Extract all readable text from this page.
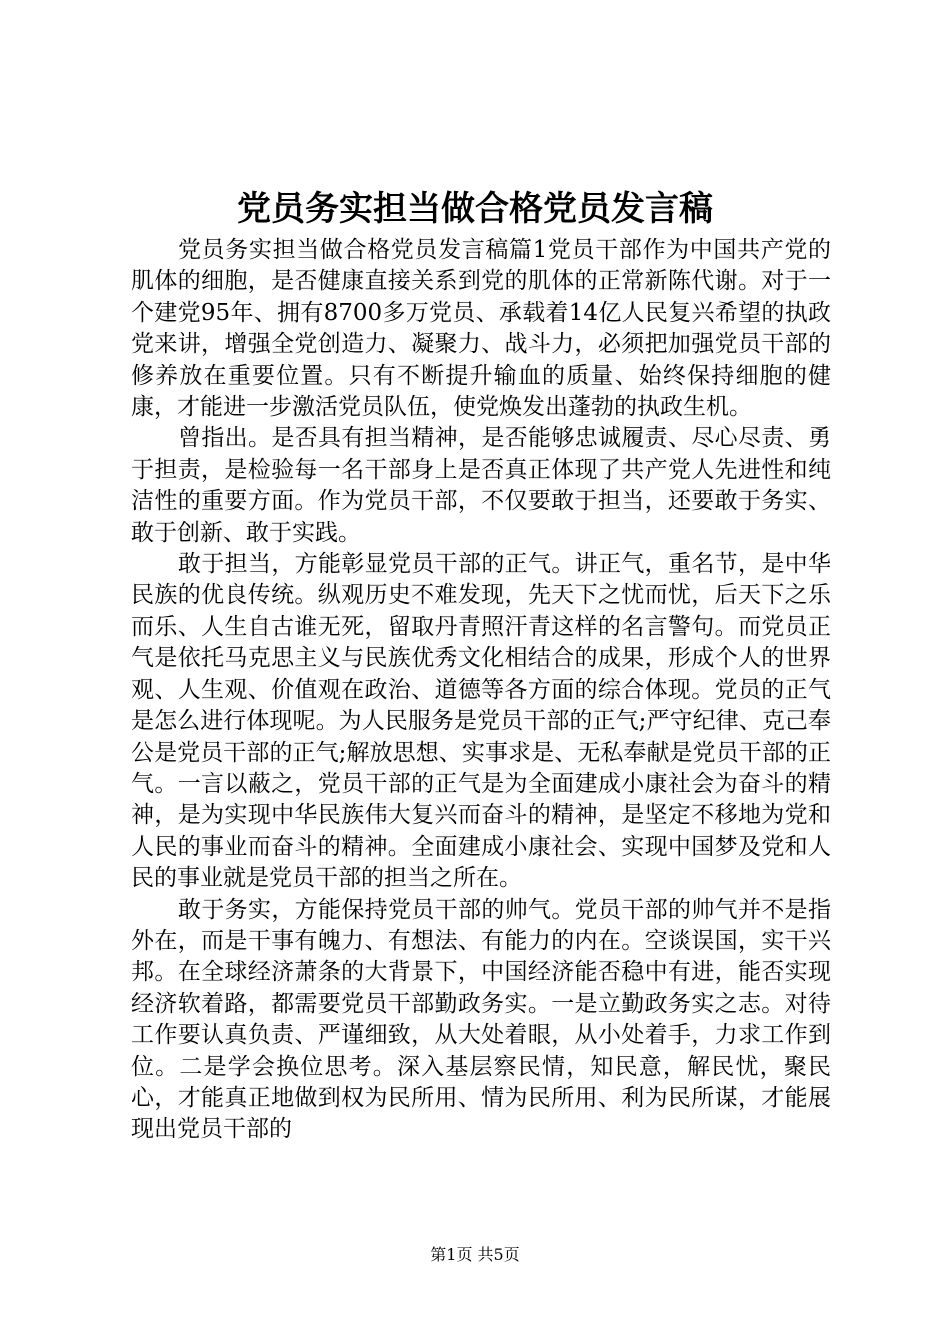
党员务实担当做合格党员发言稿

党员务实担当做合格党员发言稿篇1党员干部作为中国共产党的肌体的细胞，是否健康直接关系到党的肌体的正常新陈代谢。对于一个建党95年、拥有8700多万党员、承载着14亿人民复兴希望的执政党来讲，增强全党创造力、凝聚力、战斗力，必须把加强党员干部的修养放在重要位置。只有不断提升输血的质量、始终保持细胞的健康，才能进一步激活党员队伍，使党焕发出蓬勃的执政生机。

曾指出。是否具有担当精神，是否能够忠诚履责、尽心尽责、勇于担责，是检验每一名干部身上是否真正体现了共产党人先进性和纯洁性的重要方面。作为党员干部，不仅要敢于担当，还要敢于务实、敢于创新、敢于实践。

敢于担当，方能彰显党员干部的正气。讲正气，重名节，是中华民族的优良传统。纵观历史不难发现，先天下之忧而忧，后天下之乐而乐、人生自古谁无死，留取丹青照汗青这样的名言警句。而党员正气是依托马克思主义与民族优秀文化相结合的成果，形成个人的世界观、人生观、价值观在政治、道德等各方面的综合体现。党员的正气是怎么进行体现呢。为人民服务是党员干部的正气;严守纪律、克己奉公是党员干部的正气;解放思想、实事求是、无私奉献是党员干部的正气。一言以蔽之，党员干部的正气是为全面建成小康社会为奋斗的精神，是为实现中华民族伟大复兴而奋斗的精神，是坚定不移地为党和人民的事业而奋斗的精神。全面建成小康社会、实现中国梦及党和人民的事业就是党员干部的担当之所在。

敢于务实，方能保持党员干部的帅气。党员干部的帅气并不是指外在，而是干事有魄力、有想法、有能力的内在。空谈误国，实干兴邦。在全球经济萧条的大背景下，中国经济能否稳中有进，能否实现经济软着路，都需要党员干部勤政务实。一是立勤政务实之志。对待工作要认真负责、严谨细致，从大处着眼，从小处着手，力求工作到位。二是学会换位思考。深入基层察民情，知民意，解民忧，聚民心，才能真正地做到权为民所用、情为民所用、利为民所谋，才能展现出党员干部的

第1页 共5页
